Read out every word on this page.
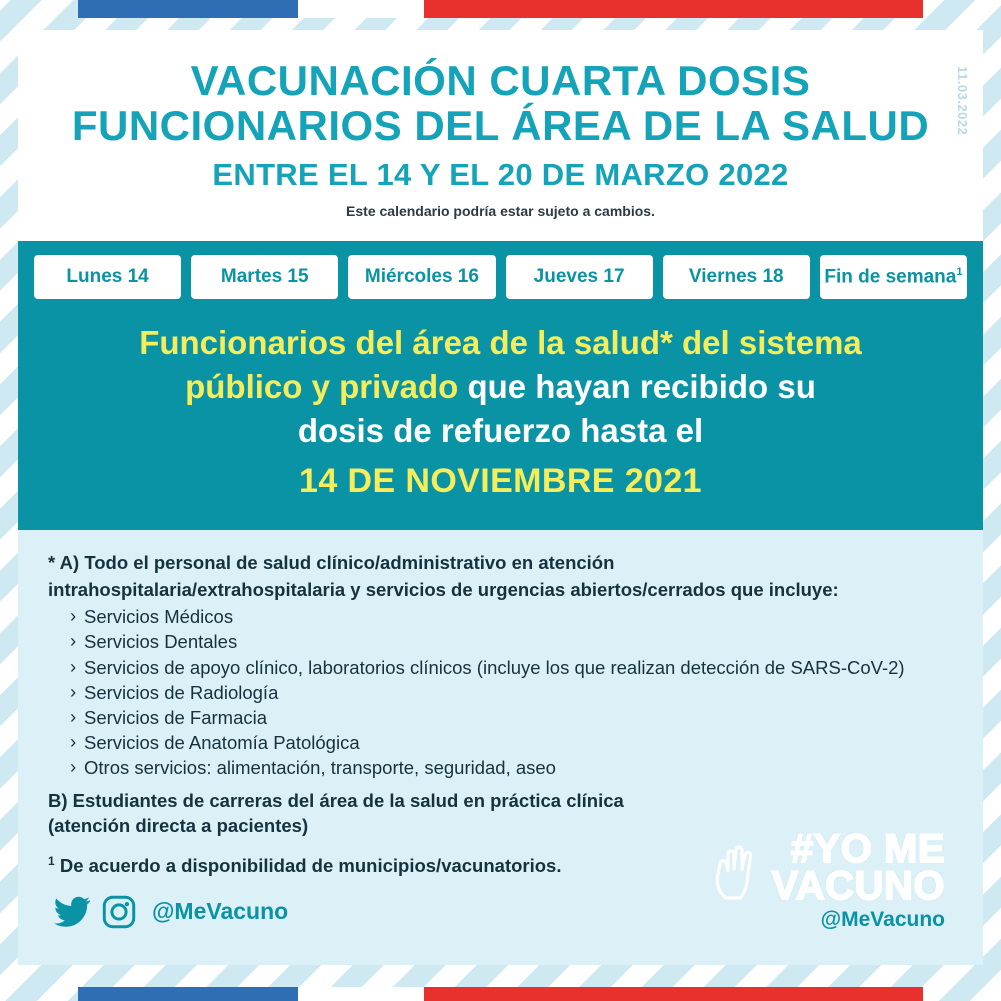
11.03.2022
VACUNACIÓN CUARTA DOSIS
FUNCIONARIOS DEL ÁREA DE LA SALUD
ENTRE EL 14 Y EL 20 DE MARZO 2022
Este calendario podría estar sujeto a cambios.
Lunes 14	Martes 15	Miércoles 16	Jueves 17	Viernes 18	Fin de semana$^1$
Funcionarios del área de la salud* del sistema
público y privado que hayan recibido su
dosis de refuerzo hasta el
14 DE NOVIEMBRE 2021

* A) Todo el personal de salud clínico/administrativo en atención

intrahospitalaria/extrahospitalaria y servicios de urgencias abiertos/cerrados que incluye:

› Servicios Médicos
› Servicios Dentales
› Servicios de apoyo clínico, laboratorios clínicos (incluye los que realizan detección de SARS-CoV-2)
› Servicios de Radiología
› Servicios de Farmacia
› Servicios de Anatomía Patológica
› Otros servicios: alimentación, transporte, seguridad, aseo

B) Estudiantes de carreras del área de la salud en práctica clínica

(atención directa a pacientes)

$^1$ De acuerdo a disponibilidad de municipios/vacunatorios.

@MeVacuno
#YO ME
VACUNO
@MeVacuno
